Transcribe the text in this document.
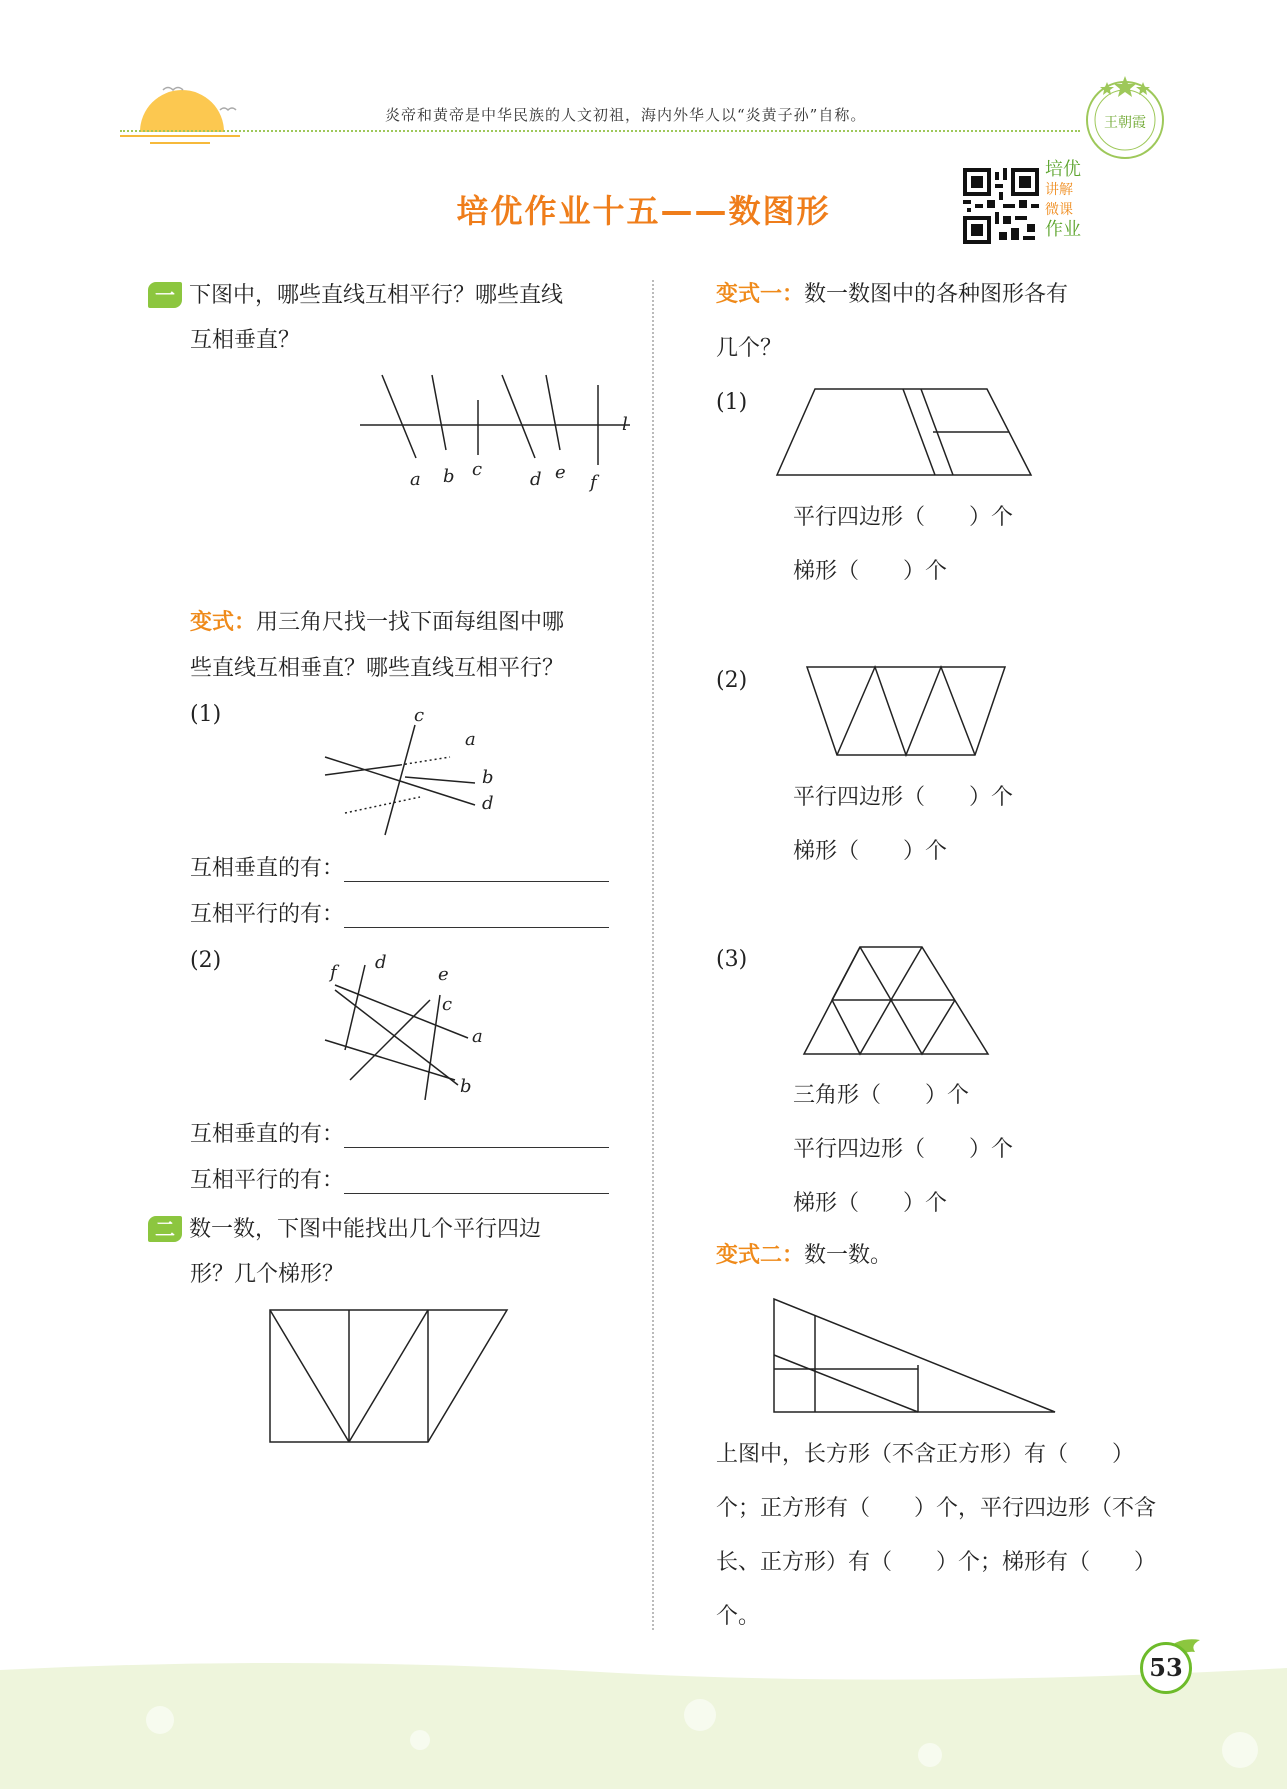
炎帝和黄帝是中华民族的人文初祖，海内外华人以“炎黄子孙”自称。	王朝霞
培优作业十五——数图形
培优
讲解
微课
作业
一 下图中，哪些直线互相平行？哪些直线
互相垂直？
a b c	d e f
l
变式：用三角尺找一找下面每组图中哪
些直线互相垂直？哪些直线互相平行？
(1)	c
a
b
d
互相垂直的有：
互相平行的有：
(2)	f d
e
c
a
b
互相垂直的有：
互相平行的有：
二 数一数，下图中能找出几个平行四边
形？几个梯形？
变式一：数一数图中的各种图形各有
几个？
(1)
平行四边形（　　）个
梯形（　　）个
(2)
平行四边形（　　）个
梯形（　　）个
(3)
三角形（　　）个
平行四边形（　　）个
梯形（　　）个
变式二：数一数。
上图中，长方形（不含正方形）有（　　）
个；正方形有（　　）个，平行四边形（不含
长、正方形）有（　　）个；梯形有（　　）
个。
53
